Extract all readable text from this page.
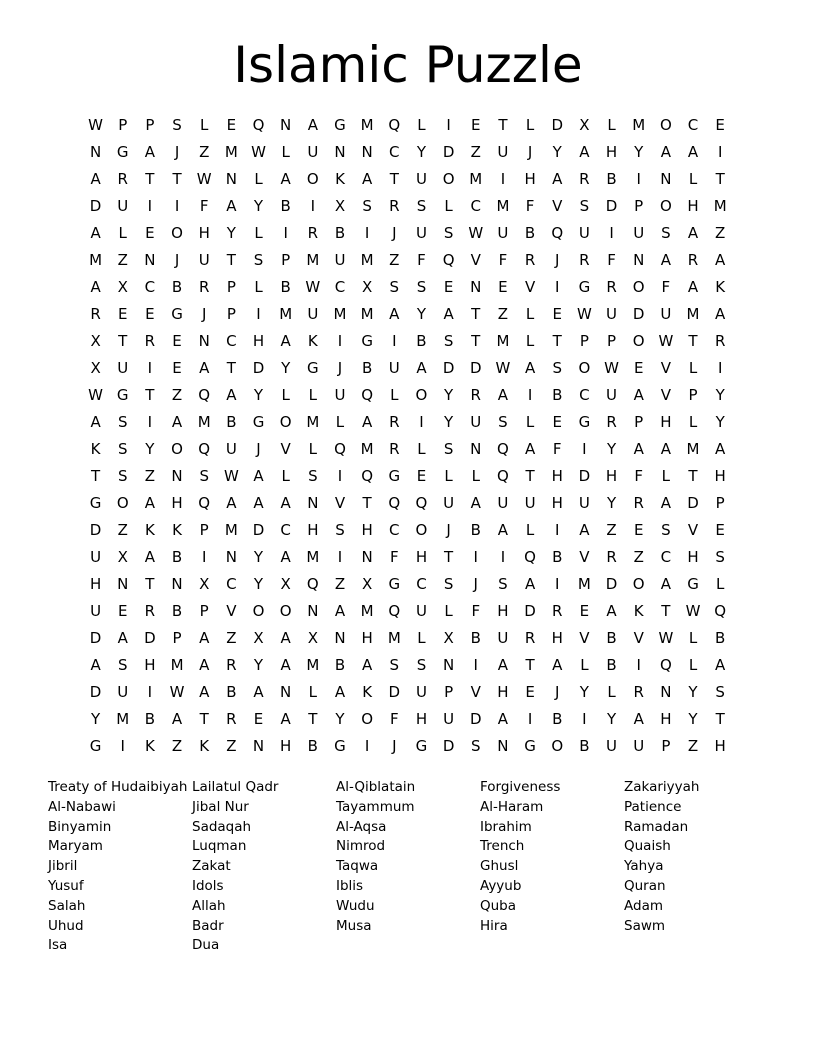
Islamic Puzzle
W	P	P	S	L	E	Q	N	A	G M Q	L	I	E	T	L	D	X	L	M O	C	E
N	G	A	J	Z	M W	L	U	N	N	C	Y	D	Z	U	J	Y	A	H	Y	A	A	I
A	R	T	T	W N	L	A	O	K	A	T	U	O M	I	H	A	R	B	I	N	L	T
D	U	I	I	F	A	Y	B	I	X	S	R	S	L	C	M	F	V	S	D	P	O	H	M
A	L	E	O	H	Y	L	I	R	B	I	J	U	S W U	B	Q	U	I	U	S	A	Z
M	Z	N	J	U	T	S	P	M	U	M	Z	F	Q	V	F	R	J	R	F	N	A	R	A
A	X	C	B	R	P	L	B W C	X	S	S	E	N	E	V	I	G	R	O	F	A	K
R	E	E	G	J	P	I	M	U	M M	A	Y	A	T	Z	L	E	W U	D	U	M	A
X	T	R	E	N	C	H	A	K	I	G	I	B	S	T	M	L	T	P	P	O W	T	R
X	U	I	E	A	T	D	Y	G	J	B	U	A	D	D W A	S	O W E	V	L	I
W G	T	Z	Q	A	Y	L	L	U	Q	L	O	Y	R	A	I	B	C	U	A	V	P	Y
A	S	I	A	M	B	G	O M	L	A	R	I	Y	U	S	L	E	G	R	P	H	L	Y
K	S	Y	O	Q	U	J	V	L	Q M	R	L	S	N	Q	A	F	I	Y	A	A	M	A
T	S	Z	N	S W A	L	S	I	Q	G	E	L	L	Q	T	H	D	H	F	L	T	H
G	O	A	H	Q	A	A	A	N	V	T	Q	Q	U	A	U	U	H	U	Y	R	A	D	P
D	Z	K	K	P	M D	C	H	S	H	C	O	J	B	A	L	I	A	Z	E	S	V	E
U	X	A	B	I	N	Y	A	M	I	N	F	H	T	I	I	Q	B	V	R	Z	C	H	S
H	N	T	N	X	C	Y	X	Q	Z	X	G	C	S	J	S	A	I	M D	O	A	G	L
U	E	R	B	P	V	O	O	N	A	M Q	U	L	F	H	D	R	E	A	K	T	W Q
D	A	D	P	A	Z	X	A	X	N	H	M	L	X	B	U	R	H	V	B	V W	L	B
A	S	H	M	A	R	Y	A	M	B	A	S	S	N	I	A	T	A	L	B	I	Q	L	A
D	U	I	W A	B	A	N	L	A	K	D	U	P	V	H	E	J	Y	L	R	N	Y	S
Y	M	B	A	T	R	E	A	T	Y	O	F	H	U	D	A	I	B	I	Y	A	H	Y	T
G	I	K	Z	K	Z	N	H	B	G	I	J	G	D	S	N	G	O	B	U	U	P	Z	H
Treaty of Hudaibiyah
Al-Nabawi
Binyamin
Maryam
Jibril
Yusuf
Salah
Uhud
Isa
Lailatul Qadr
Jibal Nur
Sadaqah
Luqman
Zakat
Idols
Allah
Badr
Dua
Al-Qiblatain
Tayammum
Al-Aqsa
Nimrod
Taqwa
Iblis
Wudu
Musa
Forgiveness
Al-Haram
Ibrahim
Trench
Ghusl
Ayyub
Quba
Hira
Zakariyyah
Patience
Ramadan
Quaish
Yahya
Quran
Adam
Sawm
